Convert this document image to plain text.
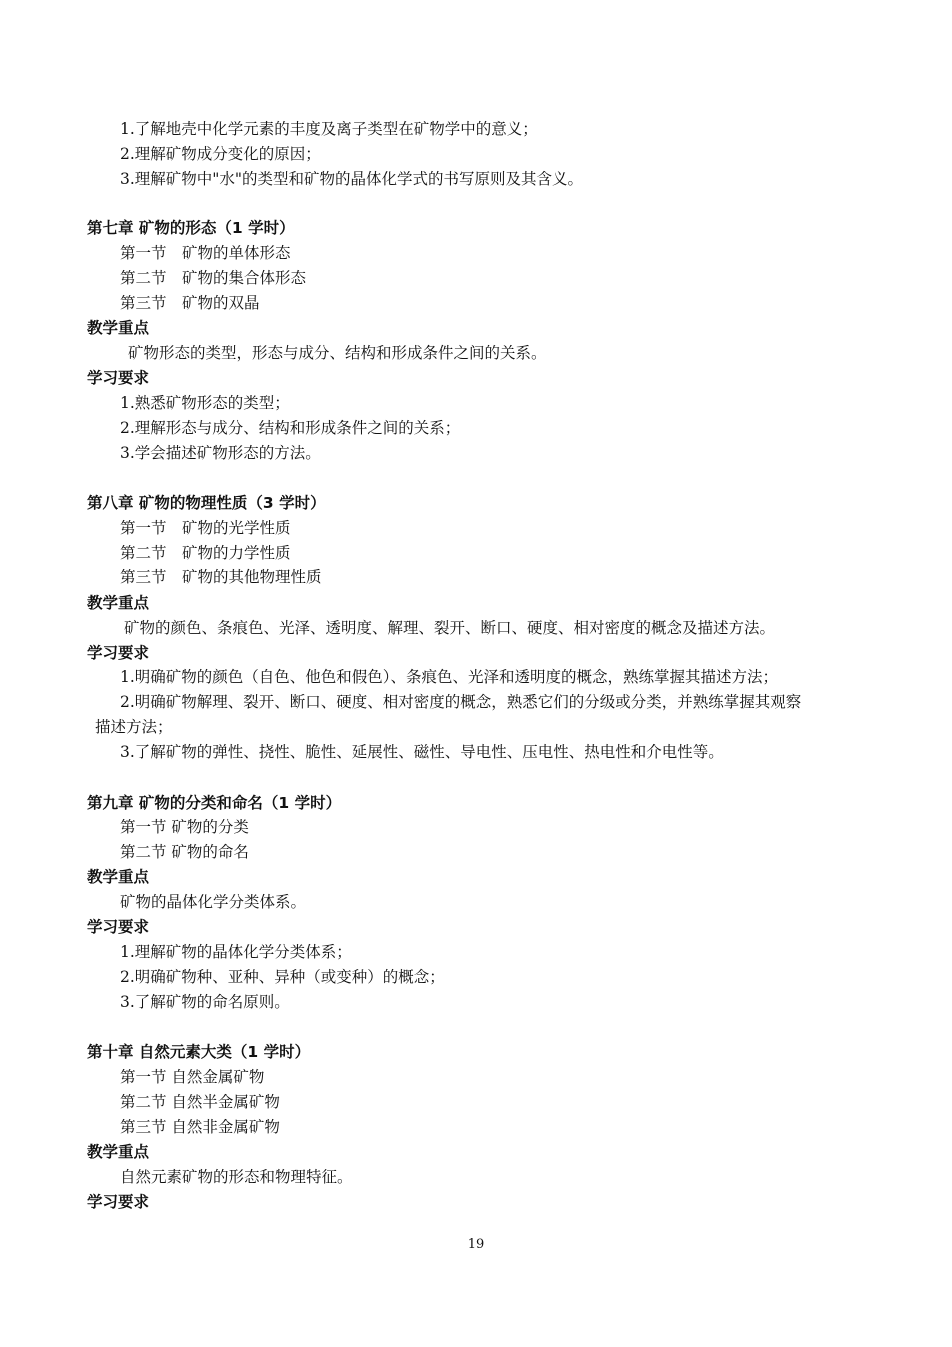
1.了解地壳中化学元素的丰度及离子类型在矿物学中的意义；
2.理解矿物成分变化的原因；
3.理解矿物中"水"的类型和矿物的晶体化学式的书写原则及其含义。
第七章 矿物的形态（1 学时）
第一节　矿物的单体形态
第二节　矿物的集合体形态
第三节　矿物的双晶
教学重点
矿物形态的类型，形态与成分、结构和形成条件之间的关系。
学习要求
1.熟悉矿物形态的类型；
2.理解形态与成分、结构和形成条件之间的关系；
3.学会描述矿物形态的方法。
第八章 矿物的物理性质（3 学时）
第一节　矿物的光学性质
第二节　矿物的力学性质
第三节　矿物的其他物理性质
教学重点
矿物的颜色、条痕色、光泽、透明度、解理、裂开、断口、硬度、相对密度的概念及描述方法。
学习要求
1.明确矿物的颜色（自色、他色和假色）、条痕色、光泽和透明度的概念，熟练掌握其描述方法；
2.明确矿物解理、裂开、断口、硬度、相对密度的概念，熟悉它们的分级或分类，并熟练掌握其观察
描述方法；
3.了解矿物的弹性、挠性、脆性、延展性、磁性、导电性、压电性、热电性和介电性等。
第九章 矿物的分类和命名（1 学时）
第一节 矿物的分类
第二节 矿物的命名
教学重点
矿物的晶体化学分类体系。
学习要求
1.理解矿物的晶体化学分类体系；
2.明确矿物种、亚种、异种（或变种）的概念；
3.了解矿物的命名原则。
第十章 自然元素大类（1 学时）
第一节 自然金属矿物
第二节 自然半金属矿物
第三节 自然非金属矿物
教学重点
自然元素矿物的形态和物理特征。
学习要求
19
